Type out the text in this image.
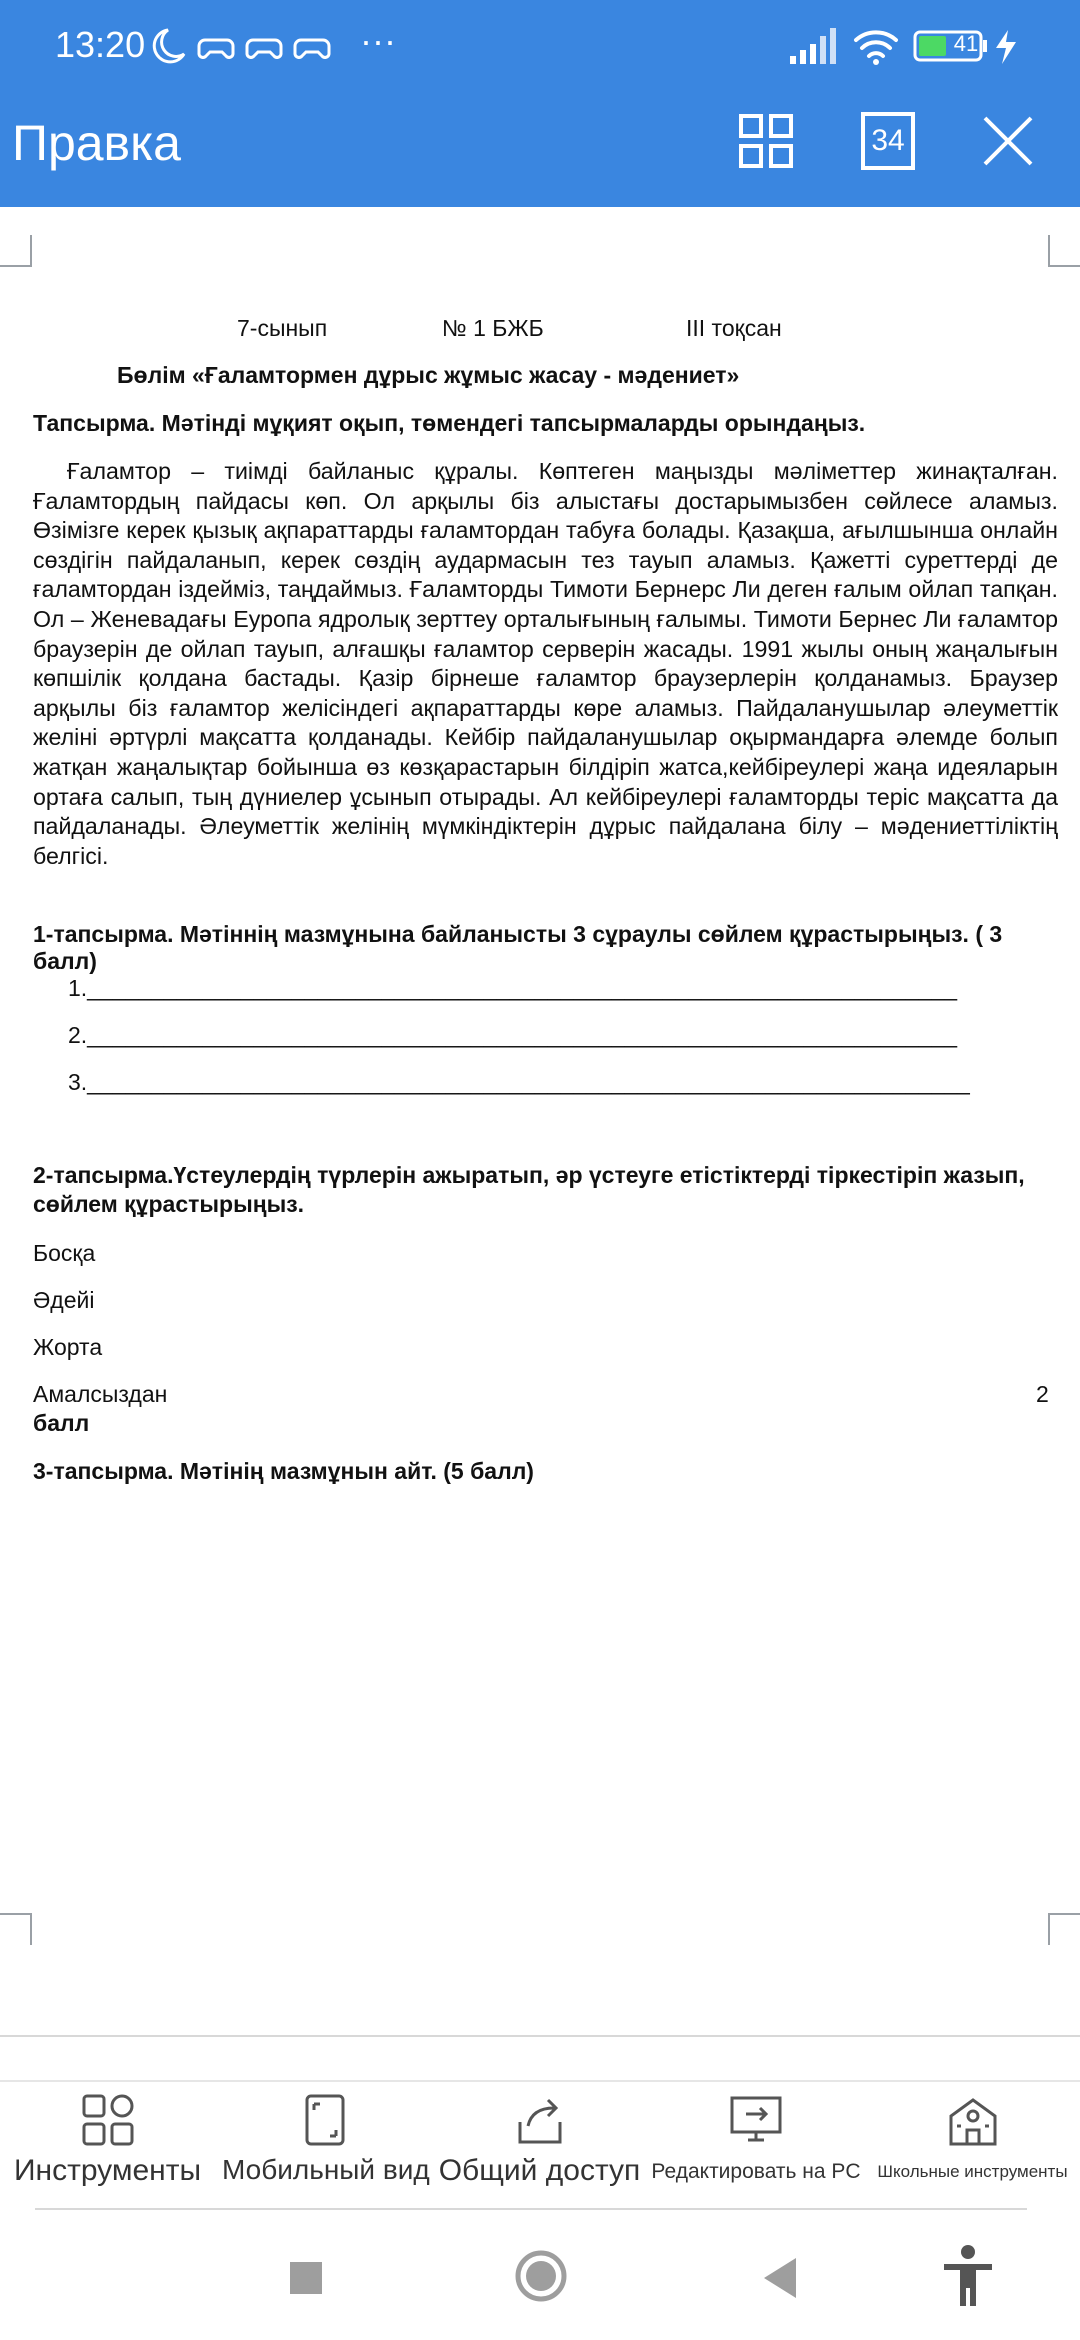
13:20	···	41
Правка	34
7-сынып	№ 1 БЖБ	III тоқсан
Бөлім «Ғаламтормен дұрыс жұмыс жасау - мәдениет»
Тапсырма. Мәтінді мұқият оқып, төмендегі тапсырмаларды орындаңыз.
Ғаламтор – тиімді байланыс құралы. Көптеген маңызды мәліметтер жинақталған. Ғаламтордың пайдасы көп. Ол арқылы біз алыстағы достарымызбен сөйлесе аламыз. Өзімізге керек қызық ақпараттарды ғаламтордан табуға болады. Қазақша, ағылшынша онлайн сөздігін пайдаланып, керек сөздің аудармасын тез тауып аламыз. Қажетті суреттерді де ғаламтордан іздейміз, таңдаймыз. Ғаламторды Тимоти Бернерс Ли деген ғалым ойлап тапқан. Ол – Женевадағы Еуропа ядролық зерттеу орталығының ғалымы. Тимоти Бернес Ли ғаламтор браузерін де ойлап тауып, алғашқы ғаламтор серверін жасады. 1991 жылы оның жаңалығын көпшілік қолдана бастады. Қазір бірнеше ғаламтор браузерлерін қолданамыз. Браузер арқылы біз ғаламтор желісіндегі ақпараттарды көре аламыз. Пайдаланушылар әлеуметтік желіні әртүрлі мақсатта қолданады. Кейбір пайдаланушылар оқырмандарға әлемде болып жатқан жаңалықтар бойынша өз көзқарастарын білдіріп жатса,кейбіреулері жаңа идеяларын ортаға салып, тың дүниелер ұсынып отырады. Ал кейбіреулері ғаламторды теріс мақсатта да пайдаланады. Әлеуметтік желінің мүмкіндіктерін дұрыс пайдалана білу – мәдениеттіліктің белгісі.
1-тапсырма. Мәтіннің мазмұнына байланысты 3 сұраулы сөйлем құрастырыңыз. ( 3
балл)
1.____________________________________________________________________
2.____________________________________________________________________
3._____________________________________________________________________
2-тапсырма.Үстеулердің түрлерін ажыратып, әр үстеуге етістіктерді тіркестіріп жазып,
сөйлем құрастырыңыз.
Босқа
Әдейі
Жорта
Амалсыздан	2
балл
3-тапсырма. Мәтінің мазмұнын айт. (5 балл)
Инструменты Мобильный вид Общий доступ Редактировать на PC Школьные инструменты
